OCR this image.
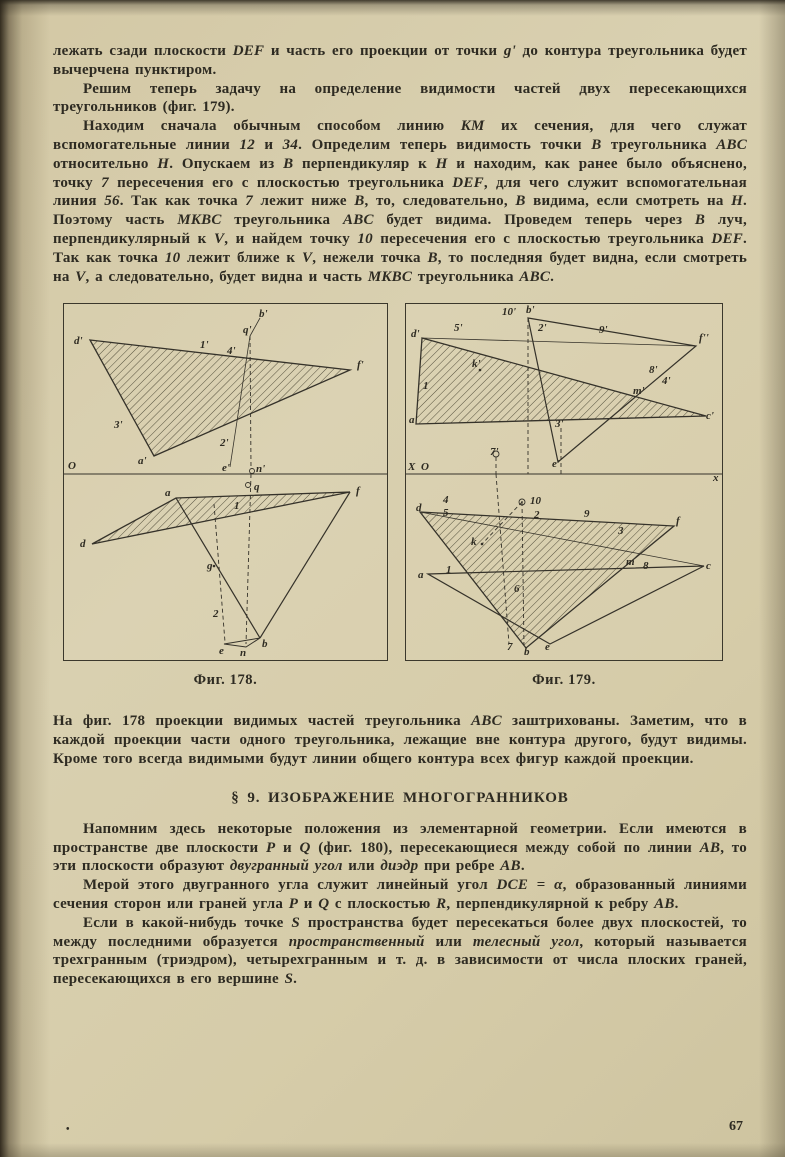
лежать сзади плоскости DEF и часть его проекции от точки g' до контура треугольника будет вычерчена пунктиром.

Решим теперь задачу на определение видимости частей двух пересекающихся треугольников (фиг. 179).

Находим сначала обычным способом линию KM их сечения, для чего служат вспомогательные линии 12 и 34. Определим теперь видимость точки B треугольника ABC относительно H. Опускаем из B перпендикуляр к H и находим, как ранее было объяснено, точку 7 пересечения его с плоскостью треугольника DEF, для чего служит вспомогательная линия 56. Так как точка 7 лежит ниже B, то, следовательно, B видима, если смотреть на H. Поэтому часть MKBC треугольника ABC будет видима. Проведем теперь через B луч, перпендикулярный к V, и найдем точку 10 пересечения его с плоскостью треугольника DEF. Так как точка 10 лежит ближе к V, нежели точка B, то последняя будет видна, если смотреть на V, а следовательно, будет видна и часть MKBC треугольника ABC.

d'	1' 4'
b'
q'
f'
3'
2'
a'
e' n'
O
q
a	f
1
d
g
2
e n
b
Фиг. 178.
d'	5'
10' b'
2'	9'
f''
k'
1
8'
4'
m'
a'	3'
c'
7'
e'
X O
x
d
4
5
10
2	9
f
k
3
a 1
m 8	c
6
7 b e
Фиг. 179.

На фиг. 178 проекции видимых частей треугольника ABC заштрихованы. Заметим, что в каждой проекции части одного треугольника, лежащие вне контура другого, будут видимы. Кроме того всегда видимыми будут линии общего контура всех фигур каждой проекции.

§ 9. ИЗОБРАЖЕНИЕ МНОГОГРАННИКОВ

Напомним здесь некоторые положения из элементарной геометрии. Если имеются в пространстве две плоскости P и Q (фиг. 180), пересекающиеся между собой по линии AB, то эти плоскости образуют двугранный угол или диэдр при ребре AB.

Мерой этого двугранного угла служит линейный угол DCE = α, образованный линиями сечения сторон или граней угла P и Q с плоскостью R, перпендикулярной к ребру AB.

Если в какой-нибудь точке S пространства будет пересекаться более двух плоскостей, то между последними образуется пространственный или телесный угол, который называется трехгранным (триэдром), четырехгранным и т. д. в зависимости от числа плоских граней, пересекающихся в его вершине S.

•	67
